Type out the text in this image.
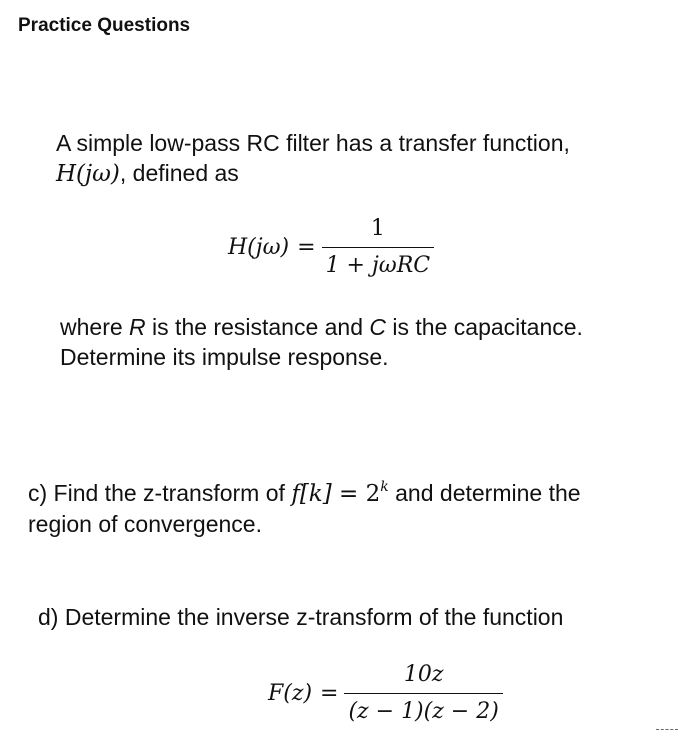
Practice Questions
A simple low-pass RC filter has a transfer function,
H(jω), defined as
$H(j\omega) = \frac{1}{\text{1 + jωRC}}$
where R is the resistance and C is the capacitance.
Determine its impulse response.
c) Find the z-transform of $f[k] = 2^k$ and determine the
region of convergence.
d) Determine the inverse z-transform of the function
$F(z) = \frac{10z}{(z - 1)(z - 2)}$
